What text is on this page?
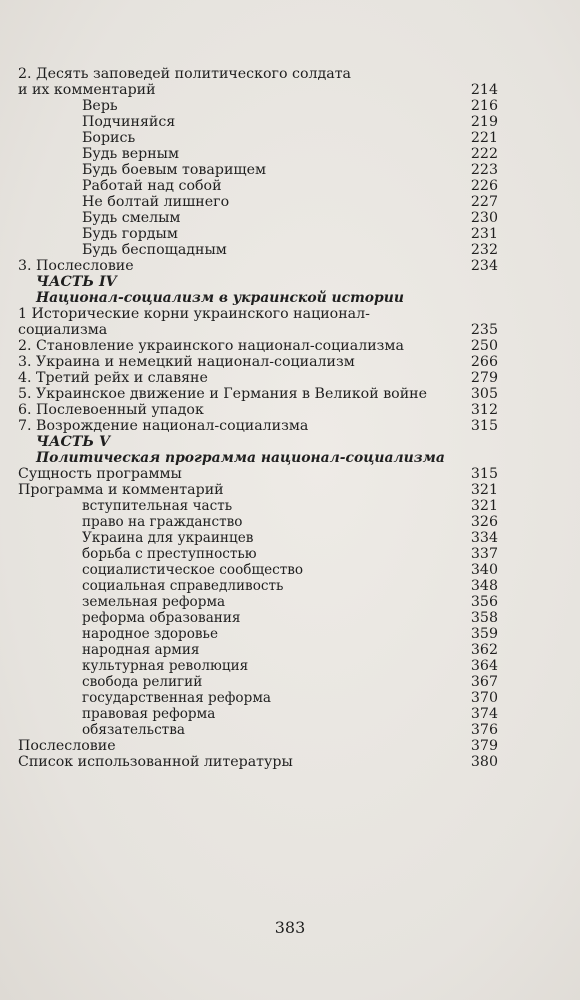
2. Десять заповедей политического солдата
и их комментарий	214
Верь	216
Подчиняйся	219
Борись	221
Будь верным	222
Будь боевым товарищем	223
Работай над собой	226
Не болтай лишнего	227
Будь смелым	230
Будь гордым	231
Будь беспощадным	232
3. Послесловие	234
ЧАСТЬ IV
Национал-социализм в украинской истории
1 Исторические корни украинского национал-
социализма	235
2. Становление украинского национал-социализма	250
3. Украина и немецкий национал-социализм	266
4. Третий рейх и славяне	279
5. Украинское движение и Германия в Великой войне	305
6. Послевоенный упадок	312
7. Возрождение национал-социализма	315
ЧАСТЬ V
Политическая программа национал-социализма
Сущность программы	315
Программа и комментарий	321
вступительная часть	321
право на гражданство	326
Украина для украинцев	334
борьба с преступностью	337
социалистическое сообщество	340
социальная справедливость	348
земельная реформа	356
реформа образования	358
народное здоровье	359
народная армия	362
культурная революция	364
свобода религий	367
государственная реформа	370
правовая реформа	374
обязательства	376
Послесловие	379
Список использованной литературы	380
383
